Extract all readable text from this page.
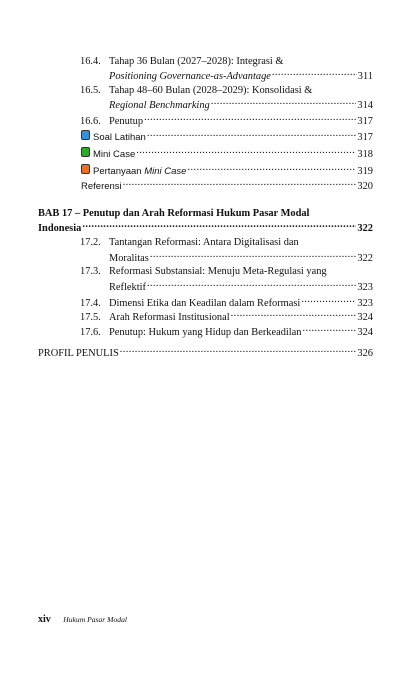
16.4. Tahap 36 Bulan (2027–2028): Integrasi &
Positioning Governance-as-Advantage .....	311
16.5. Tahap 48–60 Bulan (2028–2029): Konsolidasi &
Regional Benchmarking .....	314
16.6. Penutup .....	317
Soal Latihan .....	317
Mini Case .....	318
Pertanyaan Mini Case .....	319
Referensi .....	320
BAB 17 – Penutup dan Arah Reformasi Hukum Pasar Modal
Indonesia .....	322
17.2. Tantangan Reformasi: Antara Digitalisasi dan
Moralitas .....	322
17.3. Reformasi Substansial: Menuju Meta-Regulasi yang
Reflektif .....	323
17.4. Dimensi Etika dan Keadilan dalam Reformasi .....	323
17.5. Arah Reformasi Institusional .....	324
17.6. Penutup: Hukum yang Hidup dan Berkeadilan .....	324
PROFIL PENULIS .....	326
xiv Hukum Pasar Modal
